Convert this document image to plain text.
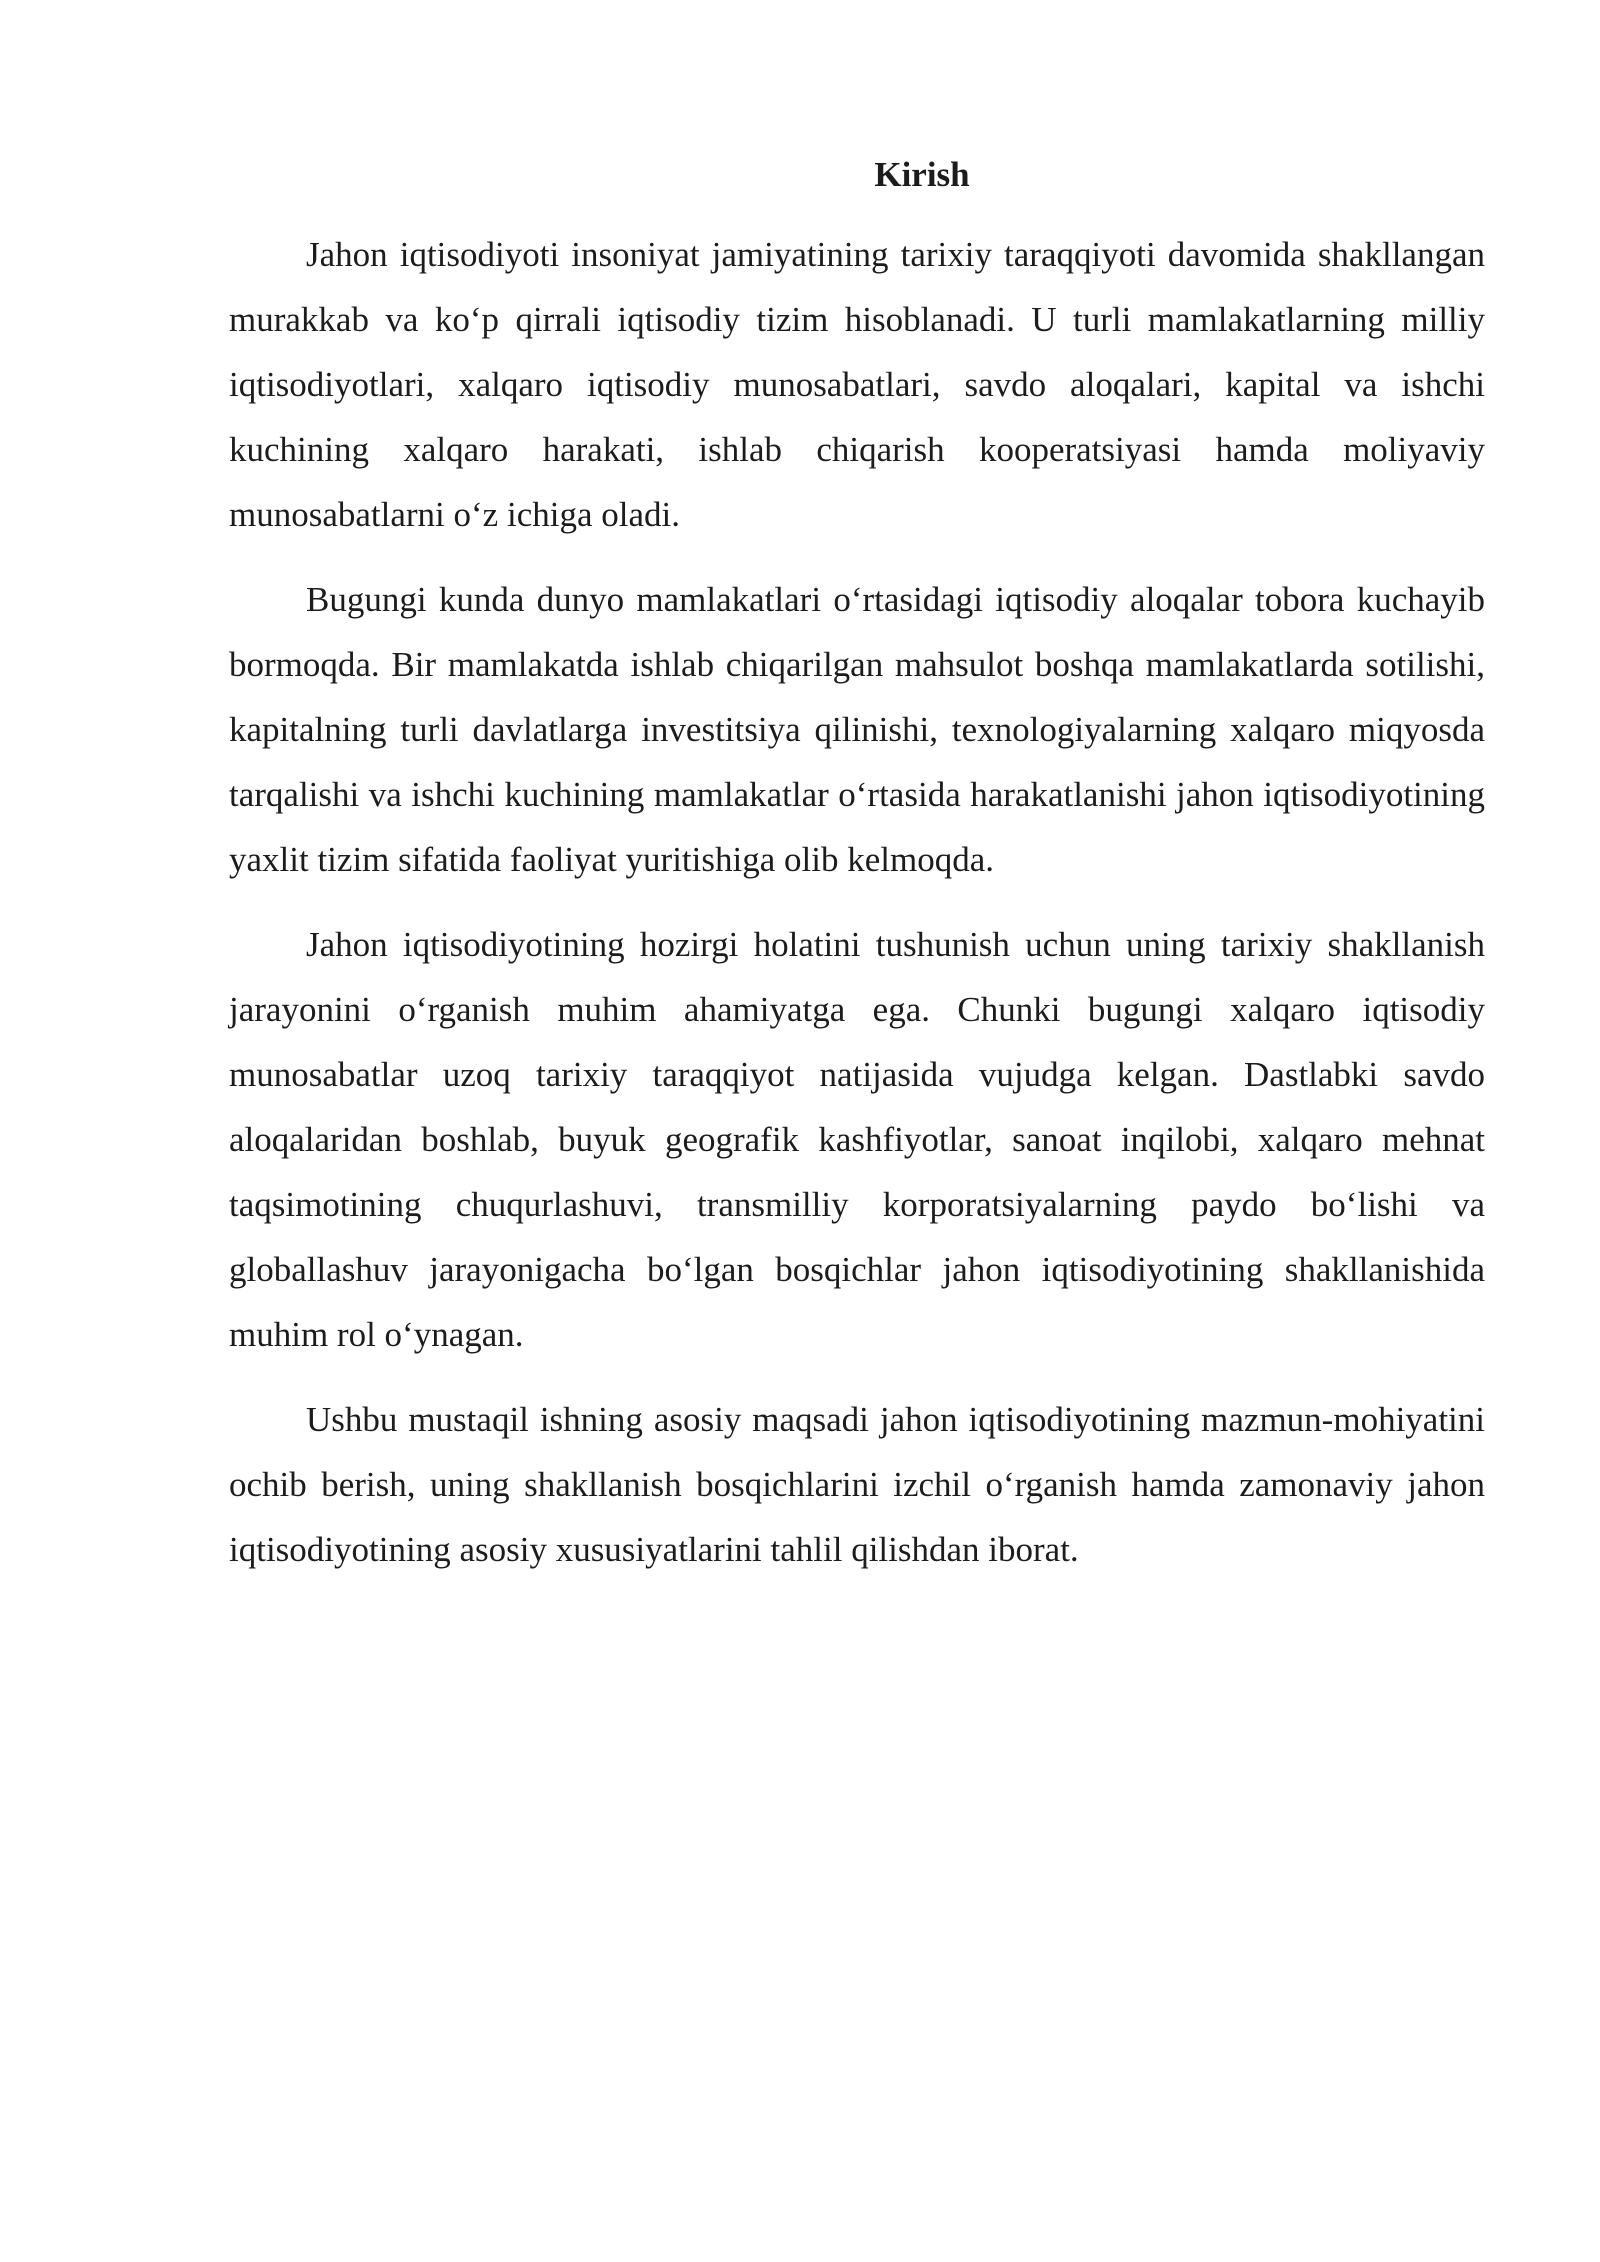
Kirish

Jahon iqtisodiyoti insoniyat jamiyatining tarixiy taraqqiyoti davomida shakllangan murakkab va ko‘p qirrali iqtisodiy tizim hisoblanadi. U turli mamlakatlarning milliy iqtisodiyotlari, xalqaro iqtisodiy munosabatlari, savdo aloqalari, kapital va ishchi kuchining xalqaro harakati, ishlab chiqarish kooperatsiyasi hamda moliyaviy munosabatlarni o‘z ichiga oladi.

Bugungi kunda dunyo mamlakatlari o‘rtasidagi iqtisodiy aloqalar tobora kuchayib bormoqda. Bir mamlakatda ishlab chiqarilgan mahsulot boshqa mamlakatlarda sotilishi, kapitalning turli davlatlarga investitsiya qilinishi, texnologiyalarning xalqaro miqyosda tarqalishi va ishchi kuchining mamlakatlar o‘rtasida harakatlanishi jahon iqtisodiyotining yaxlit tizim sifatida faoliyat yuritishiga olib kelmoqda.

Jahon iqtisodiyotining hozirgi holatini tushunish uchun uning tarixiy shakllanish jarayonini o‘rganish muhim ahamiyatga ega. Chunki bugungi xalqaro iqtisodiy munosabatlar uzoq tarixiy taraqqiyot natijasida vujudga kelgan. Dastlabki savdo aloqalaridan boshlab, buyuk geografik kashfiyotlar, sanoat inqilobi, xalqaro mehnat taqsimotining chuqurlashuvi, transmilliy korporatsiyalarning paydo bo‘lishi va globallashuv jarayonigacha bo‘lgan bosqichlar jahon iqtisodiyotining shakllanishida muhim rol o‘ynagan.

Ushbu mustaqil ishning asosiy maqsadi jahon iqtisodiyotining mazmun-mohiyatini ochib berish, uning shakllanish bosqichlarini izchil o‘rganish hamda zamonaviy jahon iqtisodiyotining asosiy xususiyatlarini tahlil qilishdan iborat.
